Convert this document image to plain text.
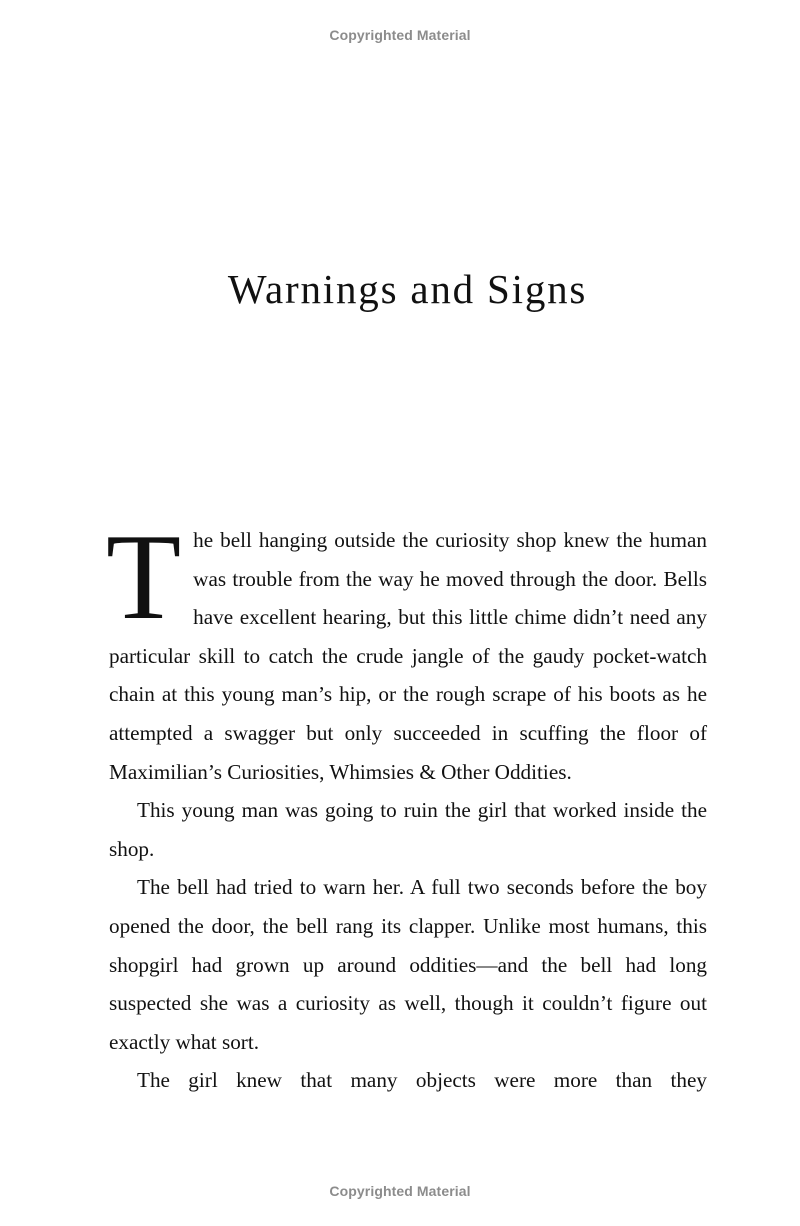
Copyrighted Material
Warnings and Signs

The bell hanging outside the curiosity shop knew the human was trouble from the way he moved through the door. Bells have excellent hearing, but this little chime didn’t need any particular skill to catch the crude jangle of the gaudy pocket-watch chain at this young man’s hip, or the rough scrape of his boots as he attempted a swagger but only succeeded in scuffing the floor of Maximilian’s Curiosities, Whimsies & Other Oddities.

This young man was going to ruin the girl that worked inside the shop.

The bell had tried to warn her. A full two seconds before the boy opened the door, the bell rang its clapper. Unlike most humans, this shopgirl had grown up around oddities—and the bell had long suspected she was a curiosity as well, though it couldn’t figure out exactly what sort.

The girl knew that many objects were more than they

Copyrighted Material
